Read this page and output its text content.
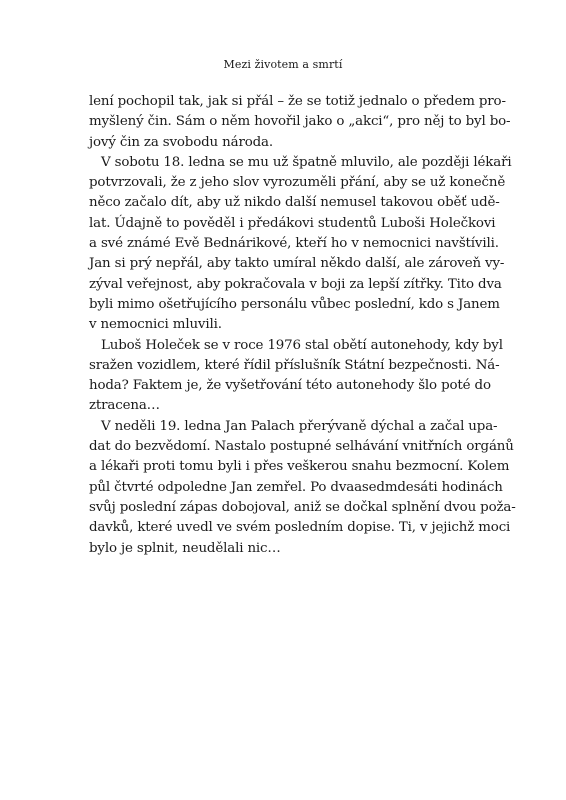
Mezi životem a smrtí
lení pochopil tak, jak si přál – že se totiž jednalo o předem pro-
myšlený čin. Sám o něm hovořil jako o „akci“, pro něj to byl bo-
jový čin za svobodu národa.
V sobotu 18. ledna se mu už špatně mluvilo, ale později lékaři
potvrzovali, že z jeho slov vyrozuměli přání, aby se už konečně
něco začalo dít, aby už nikdo další nemusel takovou oběť udě-
lat. Údajně to pověděl i předákovi studentů Luboši Holečkovi
a své známé Evě Bednárikové, kteří ho v nemocnici navštívili.
Jan si prý nepřál, aby takto umíral někdo další, ale zároveň vy-
zýval veřejnost, aby pokračovala v boji za lepší zítřky. Tito dva
byli mimo ošetřujícího personálu vůbec poslední, kdo s Janem
v nemocnici mluvili.
Luboš Holeček se v roce 1976 stal obětí autonehody, kdy byl
sražen vozidlem, které řídil příslušník Státní bezpečnosti. Ná-
hoda? Faktem je, že vyšetřování této autonehody šlo poté do
ztracena…
V neděli 19. ledna Jan Palach přerývaně dýchal a začal upa-
dat do bezvědomí. Nastalo postupné selhávání vnitřních orgánů
a lékaři proti tomu byli i přes veškerou snahu bezmocní. Kolem
půl čtvrté odpoledne Jan zemřel. Po dvaasedmdesáti hodinách
svůj poslední zápas dobojoval, aniž se dočkal splnění dvou poža-
davků, které uvedl ve svém posledním dopise. Ti, v jejichž moci
bylo je splnit, neudělali nic…
